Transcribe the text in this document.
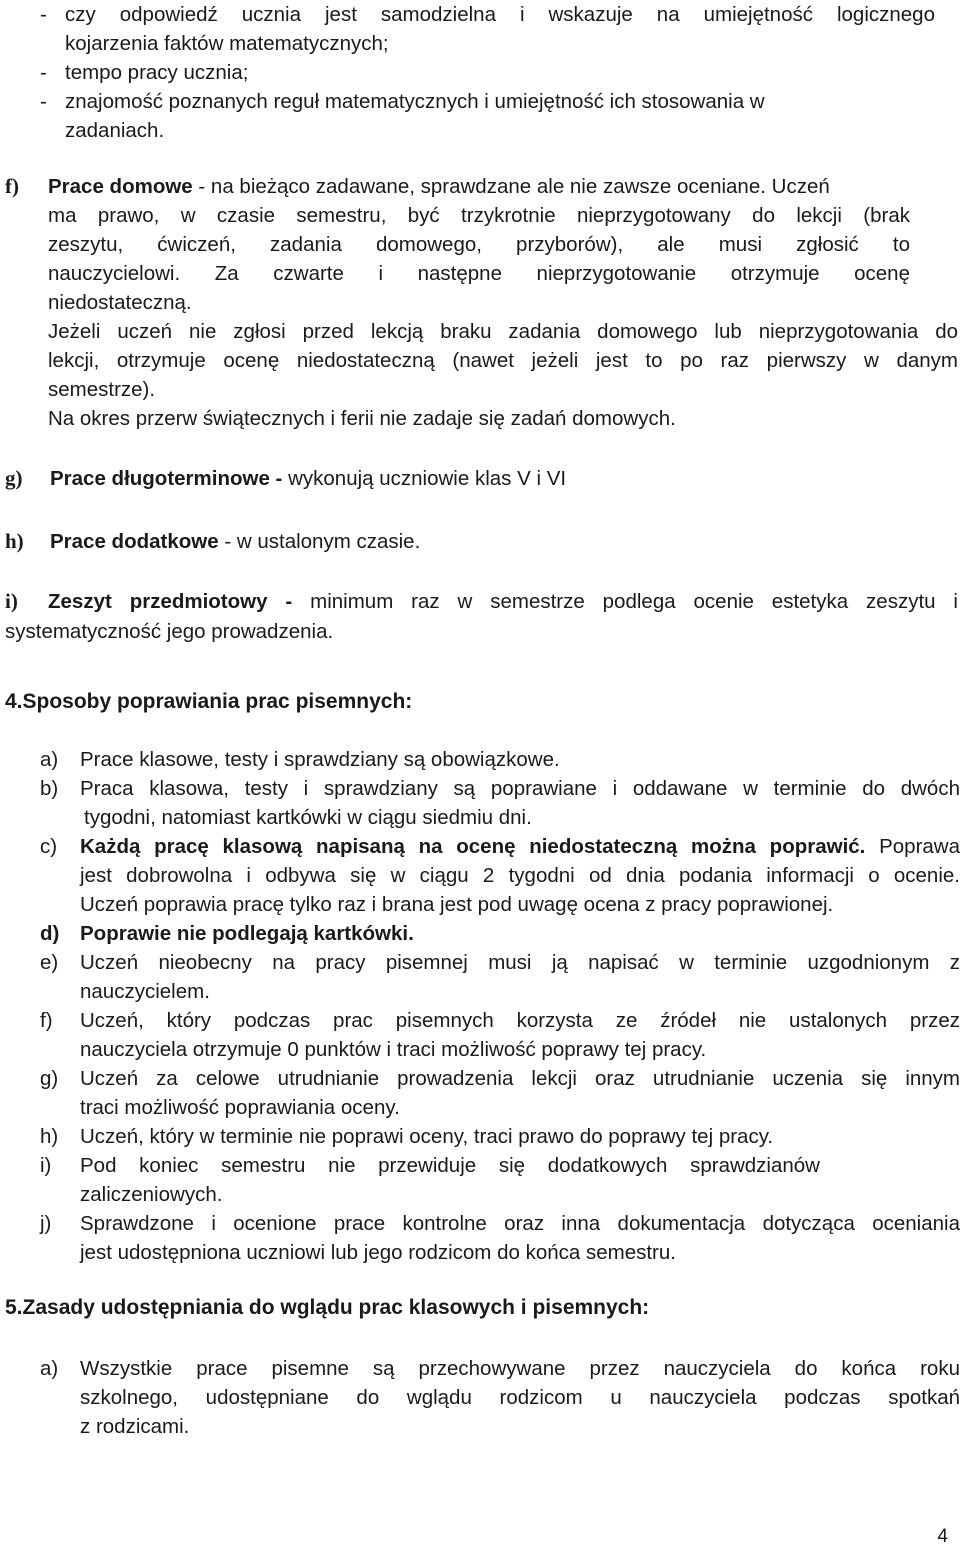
- czy odpowiedź ucznia jest samodzielna i wskazuje na umiejętność logicznego
kojarzenia faktów matematycznych;
- tempo pracy ucznia;
- znajomość poznanych reguł matematycznych i umiejętność ich stosowania w
zadaniach.
f) Prace domowe - na bieżąco zadawane, sprawdzane ale nie zawsze oceniane. Uczeń
ma prawo, w czasie semestru, być trzykrotnie nieprzygotowany do lekcji (brak
zeszytu, ćwiczeń, zadania domowego, przyborów), ale musi zgłosić to
nauczycielowi. Za czwarte i następne nieprzygotowanie otrzymuje ocenę
niedostateczną.
Jeżeli uczeń nie zgłosi przed lekcją braku zadania domowego lub nieprzygotowania do
lekcji, otrzymuje ocenę niedostateczną (nawet jeżeli jest to po raz pierwszy w danym
semestrze).
Na okres przerw świątecznych i ferii nie zadaje się zadań domowych.
g) Prace długoterminowe - wykonują uczniowie klas V i VI
h) Prace dodatkowe - w ustalonym czasie.
i) Zeszyt przedmiotowy - minimum raz w semestrze podlega ocenie estetyka zeszytu i
systematyczność jego prowadzenia.
4.Sposoby poprawiania prac pisemnych:
a) Prace klasowe, testy i sprawdziany są obowiązkowe.
b) Praca klasowa, testy i sprawdziany są poprawiane i oddawane w terminie do dwóch
tygodni, natomiast kartkówki w ciągu siedmiu dni.
c) Każdą pracę klasową napisaną na ocenę niedostateczną można poprawić. Poprawa
jest dobrowolna i odbywa się w ciągu 2 tygodni od dnia podania informacji o ocenie.
Uczeń poprawia pracę tylko raz i brana jest pod uwagę ocena z pracy poprawionej.
d) Poprawie nie podlegają kartkówki.
e) Uczeń nieobecny na pracy pisemnej musi ją napisać w terminie uzgodnionym z
nauczycielem.
f) Uczeń, który podczas prac pisemnych korzysta ze źródeł nie ustalonych przez
nauczyciela otrzymuje 0 punktów i traci możliwość poprawy tej pracy.
g) Uczeń za celowe utrudnianie prowadzenia lekcji oraz utrudnianie uczenia się innym
traci możliwość poprawiania oceny.
h) Uczeń, który w terminie nie poprawi oceny, traci prawo do poprawy tej pracy.
i) Pod koniec semestru nie przewiduje się dodatkowych sprawdzianów
zaliczeniowych.
j) Sprawdzone i ocenione prace kontrolne oraz inna dokumentacja dotycząca oceniania
jest udostępniona uczniowi lub jego rodzicom do końca semestru.
5.Zasady udostępniania do wglądu prac klasowych i pisemnych:
a) Wszystkie prace pisemne są przechowywane przez nauczyciela do końca roku
szkolnego, udostępniane do wglądu rodzicom u nauczyciela podczas spotkań
z rodzicami.
4
